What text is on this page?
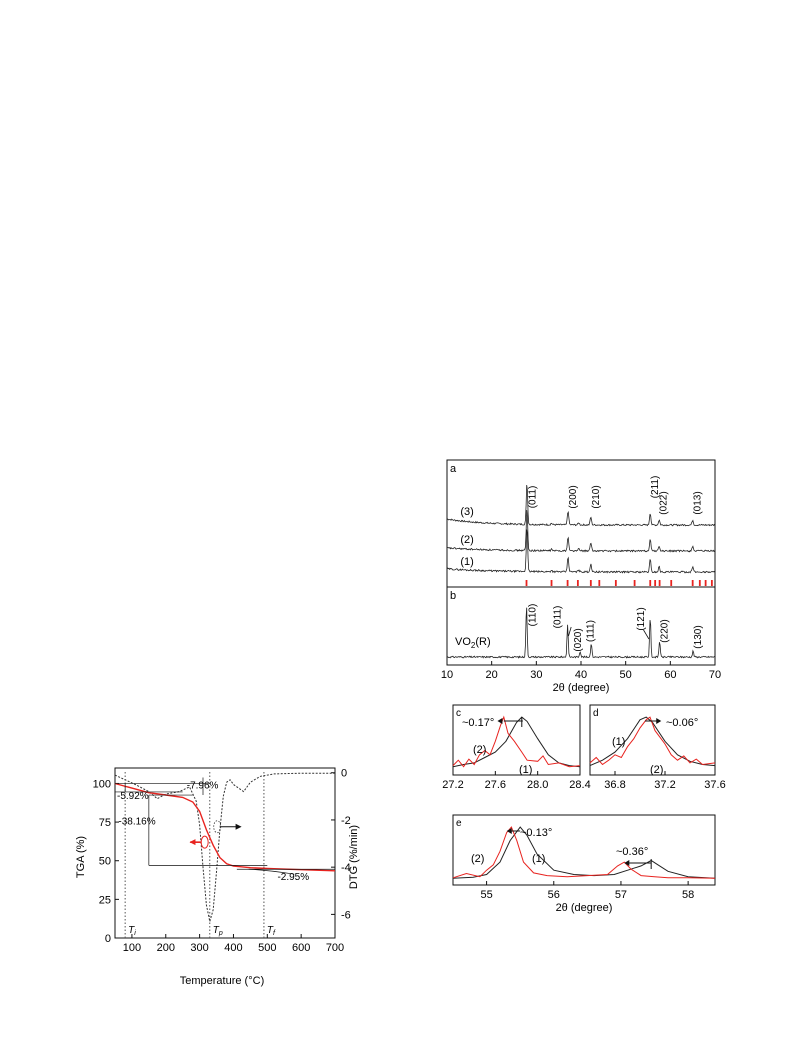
100 200 300 400 500 600 700
0
25
50
75
100
0
-2
-4
-6
$T_i$	$T_p$	$T_f$
-7.96%
-5.92%
-38.16%
-2.95%
Temperature (°C)
TGA (%)	DTG (%/min)
a
(3)
(2)
(1)
(011)	(200) (210)	(211)
(022) (013)
b
$VO_2(R)$
(110) (011)
(020) (111)
(121)
(220) (130)
10	20	30	40	50	60	70
2θ (degree)
c
(2)
(1)
27.2 27.6 28.0 28.4
~0.17°
d
(1)
(2)
36.8	37.2	37.6
~0.06°
e
(2)	(1)
55	56	57	58
~0.13°
~0.36°
2θ (degree)
